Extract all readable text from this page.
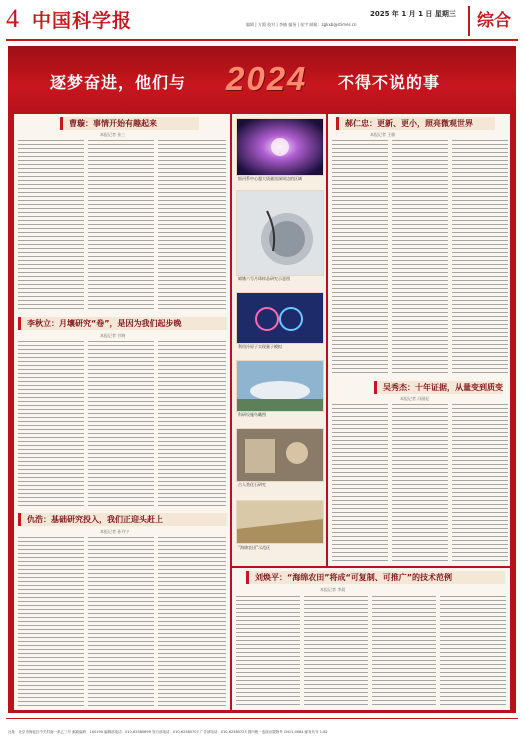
4 中国科学报	2025 年 1 月 1 日 星期三
编辑 | 方圆 校对 | 李楠 编务 | 张宇 邮箱：zgkxb@stimes.cn	综合
逐梦奋进，他们与 2024 不得不说的事
曹璇：事情开始有趣起来
本报记者 张三
李秋立：月壤研究“卷”，是因为我们起步晚
本报记者 甘晓
仇浩：基础研究投入，我们正迎头赶上
本报记者 孙丹宁
银河系中心超大质量黑洞周边的区域
嫦娥六号月球样品研究示意图
利用冷原子实现量子模拟
科研设施鸟瞰图
古人类化石研究
“海绵农田”示范区
郝仁忠：更新、更小，照亮微观世界
本报记者 王敏
吴秀杰：十年证据，从量变到质变
本报记者 冯丽妃
刘焕平：“海绵农田”将成“可复制、可推广”的技术范例
本报记者 李晨
社址：北京市海淀区中关村南一条乙三号 邮政编码：100190 编辑部电话：010-62580699 发行部电话：010-62580707 广告部电话：010-62580723 国内统一连续出版物号 CN11-0084 邮发代号 1-82
